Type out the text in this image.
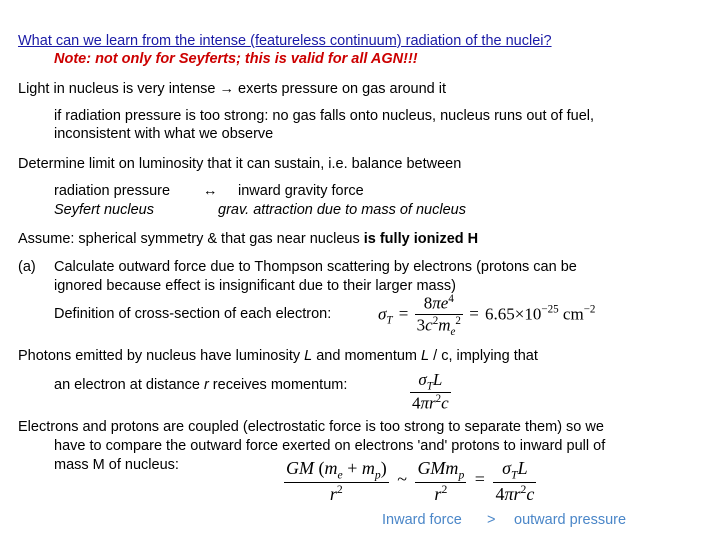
What can we learn from the intense (featureless continuum) radiation of the nuclei?
Note: not only for Seyferts; this is valid for all AGN!!!
Light in nucleus is very intense → exerts pressure on gas around it
if radiation pressure is too strong: no gas falls onto nucleus, nucleus runs out of fuel,
inconsistent with what we observe
Determine limit on luminosity that it can sustain, i.e. balance between
radiation pressure ↔ inward gravity force
Seyfert nucleus	grav. attraction due to mass of nucleus
Assume: spherical symmetry & that gas near nucleus is fully ionized H
(a) Calculate outward force due to Thompson scattering by electrons (protons can be
ignored because effect is insignificant due to their larger mass)
Definition of cross-section of each electron:	$\sigma_T = \frac{8\pi e^4}{3c^2m_e^2} = 6.65\times 10^{-25}$ $cm^{-2}$
Photons emitted by nucleus have luminosity L and momentum L / c, implying that
an electron at distance r receives momentum:	$\frac{\sigma_TL}{4\pi r^2c}$
Electrons and protons are coupled (electrostatic force is too strong to separate them) so we
have to compare the outward force exerted on electrons 'and' protons to inward pull of
mass M of nucleus:	$\frac{GM (m_e + m_p)}{r^2}$ ~ $\frac{GMm_p}{r^2} = \frac{\sigma_TL}{4\pi r^2c}$
Inward force > outward pressure
